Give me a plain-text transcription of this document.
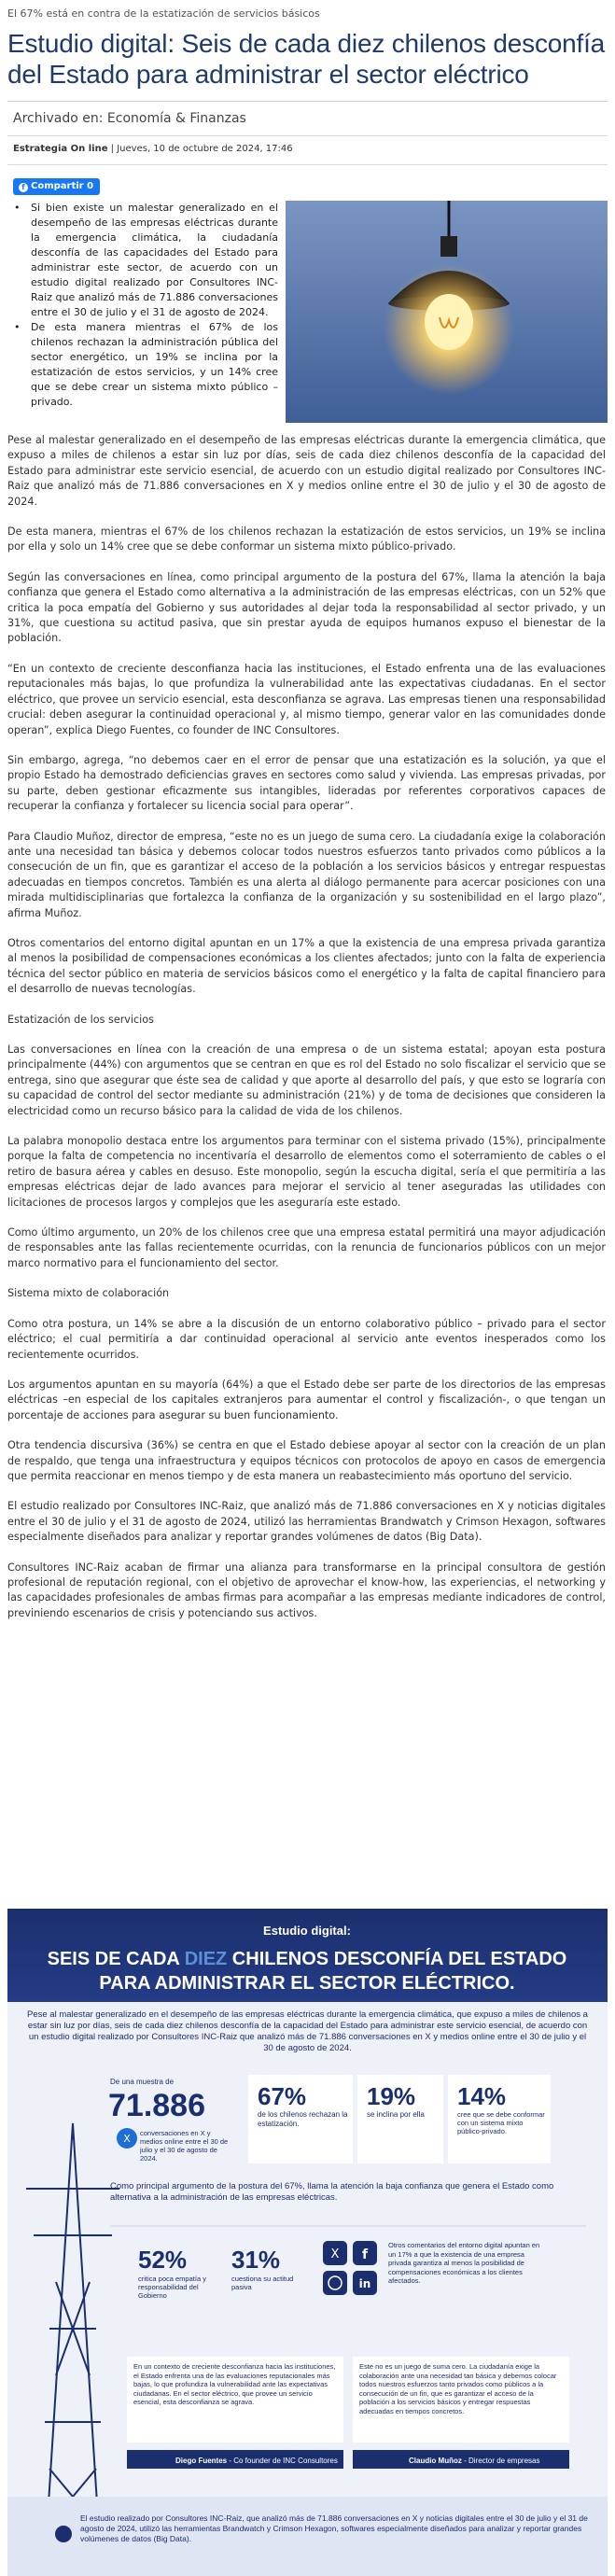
El 67% está en contra de la estatización de servicios básicos
Estudio digital: Seis de cada diez chilenos desconfía del Estado para administrar el sector eléctrico
Archivado en: Economía & Finanzas
Estrategia On line | Jueves, 10 de octubre de 2024, 17:46
f Compartir 0
• Si bien existe un malestar generalizado en el desempeño de las empresas eléctricas durante la emergencia climática, la ciudadanía desconfía de las capacidades del Estado para administrar este sector, de acuerdo con un estudio digital realizado por Consultores INC-Raiz que analizó más de 71.886 conversaciones entre el 30 de julio y el 31 de agosto de 2024.
• De esta manera mientras el 67% de los chilenos rechazan la administración pública del sector energético, un 19% se inclina por la estatización de estos servicios, y un 14% cree que se debe crear un sistema mixto público – privado.

Pese al malestar generalizado en el desempeño de las empresas eléctricas durante la emergencia climática, que expuso a miles de chilenos a estar sin luz por días, seis de cada diez chilenos desconfía de la capacidad del Estado para administrar este servicio esencial, de acuerdo con un estudio digital realizado por Consultores INC-Raiz que analizó más de 71.886 conversaciones en X y medios online entre el 30 de julio y el 30 de agosto de 2024.

De esta manera, mientras el 67% de los chilenos rechazan la estatización de estos servicios, un 19% se inclina por ella y solo un 14% cree que se debe conformar un sistema mixto público-privado.

Según las conversaciones en línea, como principal argumento de la postura del 67%, llama la atención la baja confianza que genera el Estado como alternativa a la administración de las empresas eléctricas, con un 52% que critica la poca empatía del Gobierno y sus autoridades al dejar toda la responsabilidad al sector privado, y un 31%, que cuestiona su actitud pasiva, que sin prestar ayuda de equipos humanos expuso el bienestar de la población.

“En un contexto de creciente desconfianza hacia las instituciones, el Estado enfrenta una de las evaluaciones reputacionales más bajas, lo que profundiza la vulnerabilidad ante las expectativas ciudadanas. En el sector eléctrico, que provee un servicio esencial, esta desconfianza se agrava. Las empresas tienen una responsabilidad crucial: deben asegurar la continuidad operacional y, al mismo tiempo, generar valor en las comunidades donde operan”, explica Diego Fuentes, co founder de INC Consultores.

Sin embargo, agrega, “no debemos caer en el error de pensar que una estatización es la solución, ya que el propio Estado ha demostrado deficiencias graves en sectores como salud y vivienda. Las empresas privadas, por su parte, deben gestionar eficazmente sus intangibles, lideradas por referentes corporativos capaces de recuperar la confianza y fortalecer su licencia social para operar”.

Para Claudio Muñoz, director de empresa, “este no es un juego de suma cero. La ciudadanía exige la colaboración ante una necesidad tan básica y debemos colocar todos nuestros esfuerzos tanto privados como públicos a la consecución de un fin, que es garantizar el acceso de la población a los servicios básicos y entregar respuestas adecuadas en tiempos concretos. También es una alerta al diálogo permanente para acercar posiciones con una mirada multidisciplinarias que fortalezca la confianza de la organización y su sostenibilidad en el largo plazo”, afirma Muñoz.

Otros comentarios del entorno digital apuntan en un 17% a que la existencia de una empresa privada garantiza al menos la posibilidad de compensaciones económicas a los clientes afectados; junto con la falta de experiencia técnica del sector público en materia de servicios básicos como el energético y la falta de capital financiero para el desarrollo de nuevas tecnologías.

Estatización de los servicios

Las conversaciones en línea con la creación de una empresa o de un sistema estatal; apoyan esta postura principalmente (44%) con argumentos que se centran en que es rol del Estado no solo fiscalizar el servicio que se entrega, sino que asegurar que éste sea de calidad y que aporte al desarrollo del país, y que esto se lograría con su capacidad de control del sector mediante su administración (21%) y de toma de decisiones que consideren la electricidad como un recurso básico para la calidad de vida de los chilenos.

La palabra monopolio destaca entre los argumentos para terminar con el sistema privado (15%), principalmente porque la falta de competencia no incentivaría el desarrollo de elementos como el soterramiento de cables o el retiro de basura aérea y cables en desuso. Este monopolio, según la escucha digital, sería el que permitiría a las empresas eléctricas dejar de lado avances para mejorar el servicio al tener aseguradas las utilidades con licitaciones de procesos largos y complejos que les aseguraría este estado.

Como último argumento, un 20% de los chilenos cree que una empresa estatal permitirá una mayor adjudicación de responsables ante las fallas recientemente ocurridas, con la renuncia de funcionarios públicos con un mejor marco normativo para el funcionamiento del sector.

Sistema mixto de colaboración

Como otra postura, un 14% se abre a la discusión de un entorno colaborativo público – privado para el sector eléctrico; el cual permitiría a dar continuidad operacional al servicio ante eventos inesperados como los recientemente ocurridos.

Los argumentos apuntan en su mayoría (64%) a que el Estado debe ser parte de los directorios de las empresas eléctricas –en especial de los capitales extranjeros para aumentar el control y fiscalización-, o que tengan un porcentaje de acciones para asegurar su buen funcionamiento.

Otra tendencia discursiva (36%) se centra en que el Estado debiese apoyar al sector con la creación de un plan de respaldo, que tenga una infraestructura y equipos técnicos con protocolos de apoyo en casos de emergencia que permita reaccionar en menos tiempo y de esta manera un reabastecimiento más oportuno del servicio.

El estudio realizado por Consultores INC-Raiz, que analizó más de 71.886 conversaciones en X y noticias digitales entre el 30 de julio y el 31 de agosto de 2024, utilizó las herramientas Brandwatch y Crimson Hexagon, softwares especialmente diseñados para analizar y reportar grandes volúmenes de datos (Big Data).

Consultores INC-Raiz acaban de firmar una alianza para transformarse en la principal consultora de gestión profesional de reputación regional, con el objetivo de aprovechar el know-how, las experiencias, el networking y las capacidades profesionales de ambas firmas para acompañar a las empresas mediante indicadores de control, previniendo escenarios de crisis y potenciando sus activos.

Estudio digital:
SEIS DE CADA DIEZ CHILENOS DESCONFÍA DEL ESTADO
PARA ADMINISTRAR EL SECTOR ELÉCTRICO.
Pese al malestar generalizado en el desempeño de las empresas eléctricas durante la emergencia climática, que expuso a miles de chilenos a estar sin luz por días, seis de cada diez chilenos desconfía de la capacidad del Estado para administrar este servicio esencial, de acuerdo con un estudio digital realizado por Consultores INC-Raiz que analizó más de 71.886 conversaciones en X y medios online entre el 30 de julio y el 30 de agosto de 2024.
De una muestra de
71.886
X conversaciones en X y medios online entre el 30 de julio y el 30 de agosto de 2024.
67%
de los chilenos rechazan la estatización.
19%
se inclina por ella
14%
cree que se debe conformar con un sistema mixto público-privado.
Como principal argumento de la postura del 67%, llama la atención la baja confianza que genera el Estado como alternativa a la administración de las empresas eléctricas.
52%
critica poca empatía y responsabilidad del Gobierno
31%
cuestiona su actitud pasiva
X f
in
Otros comentarios del entorno digital apuntan en un 17% a que la existencia de una empresa privada garantiza al menos la posibilidad de compensaciones económicas a los clientes afectados.
En un contexto de creciente desconfianza hacia las instituciones, el Estado enfrenta una de las evaluaciones reputacionales más bajas, lo que profundiza la vulnerabilidad ante las expectativas ciudadanas. En el sector eléctrico, que provee un servicio esencial, esta desconfianza se agrava.
Diego Fuentes - Co founder de INC Consultores
Este no es un juego de suma cero. La ciudadanía exige la colaboración ante una necesidad tan básica y debemos colocar todos nuestros esfuerzos tanto privados como públicos a la consecución de un fin, que es garantizar el acceso de la población a los servicios básicos y entregar respuestas adecuadas en tiempos concretos.
Claudio Muñoz - Director de empresas
El estudio realizado por Consultores INC-Raiz, que analizó más de 71.886 conversaciones en X y noticias digitales entre el 30 de julio y el 31 de agosto de 2024, utilizó las herramientas Brandwatch y Crimson Hexagon, softwares especialmente diseñados para analizar y reportar grandes volúmenes de datos (Big Data).
